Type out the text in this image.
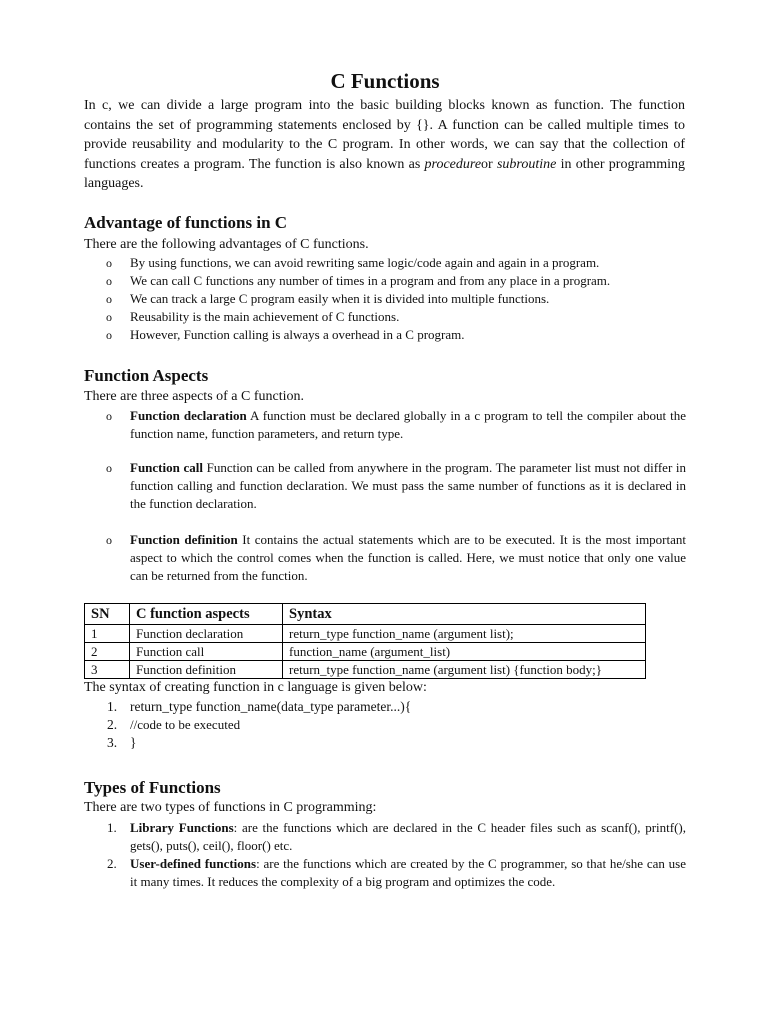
C Functions

In c, we can divide a large program into the basic building blocks known as function. The function contains the set of programming statements enclosed by {}. A function can be called multiple times to provide reusability and modularity to the C program. In other words, we can say that the collection of functions creates a program. The function is also known as procedureor subroutine in other programming languages.

Advantage of functions in C

There are the following advantages of C functions.

o By using functions, we can avoid rewriting same logic/code again and again in a program.
o We can call C functions any number of times in a program and from any place in a program.
o We can track a large C program easily when it is divided into multiple functions.
o Reusability is the main achievement of C functions.
o However, Function calling is always a overhead in a C program.
Function Aspects

There are three aspects of a C function.

o Function declaration A function must be declared globally in a c program to tell the compiler about the function name, function parameters, and return type.
o Function call Function can be called from anywhere in the program. The parameter list must not differ in function calling and function declaration. We must pass the same number of functions as it is declared in the function declaration.
o Function definition It contains the actual statements which are to be executed. It is the most important aspect to which the control comes when the function is called. Here, we must notice that only one value can be returned from the function.
SN	C function aspects	Syntax
1	Function declaration	return_type function_name (argument list);
2	Function call	function_name (argument_list)
3	Function definition	return_type function_name (argument list) {function body;}

The syntax of creating function in c language is given below:

1. return_type function_name(data_type parameter...){
2. //code to be executed
3. }
Types of Functions

There are two types of functions in C programming:

1. Library Functions: are the functions which are declared in the C header files such as scanf(), printf(), gets(), puts(), ceil(), floor() etc.
2. User-defined functions: are the functions which are created by the C programmer, so that he/she can use it many times. It reduces the complexity of a big program and optimizes the code.
